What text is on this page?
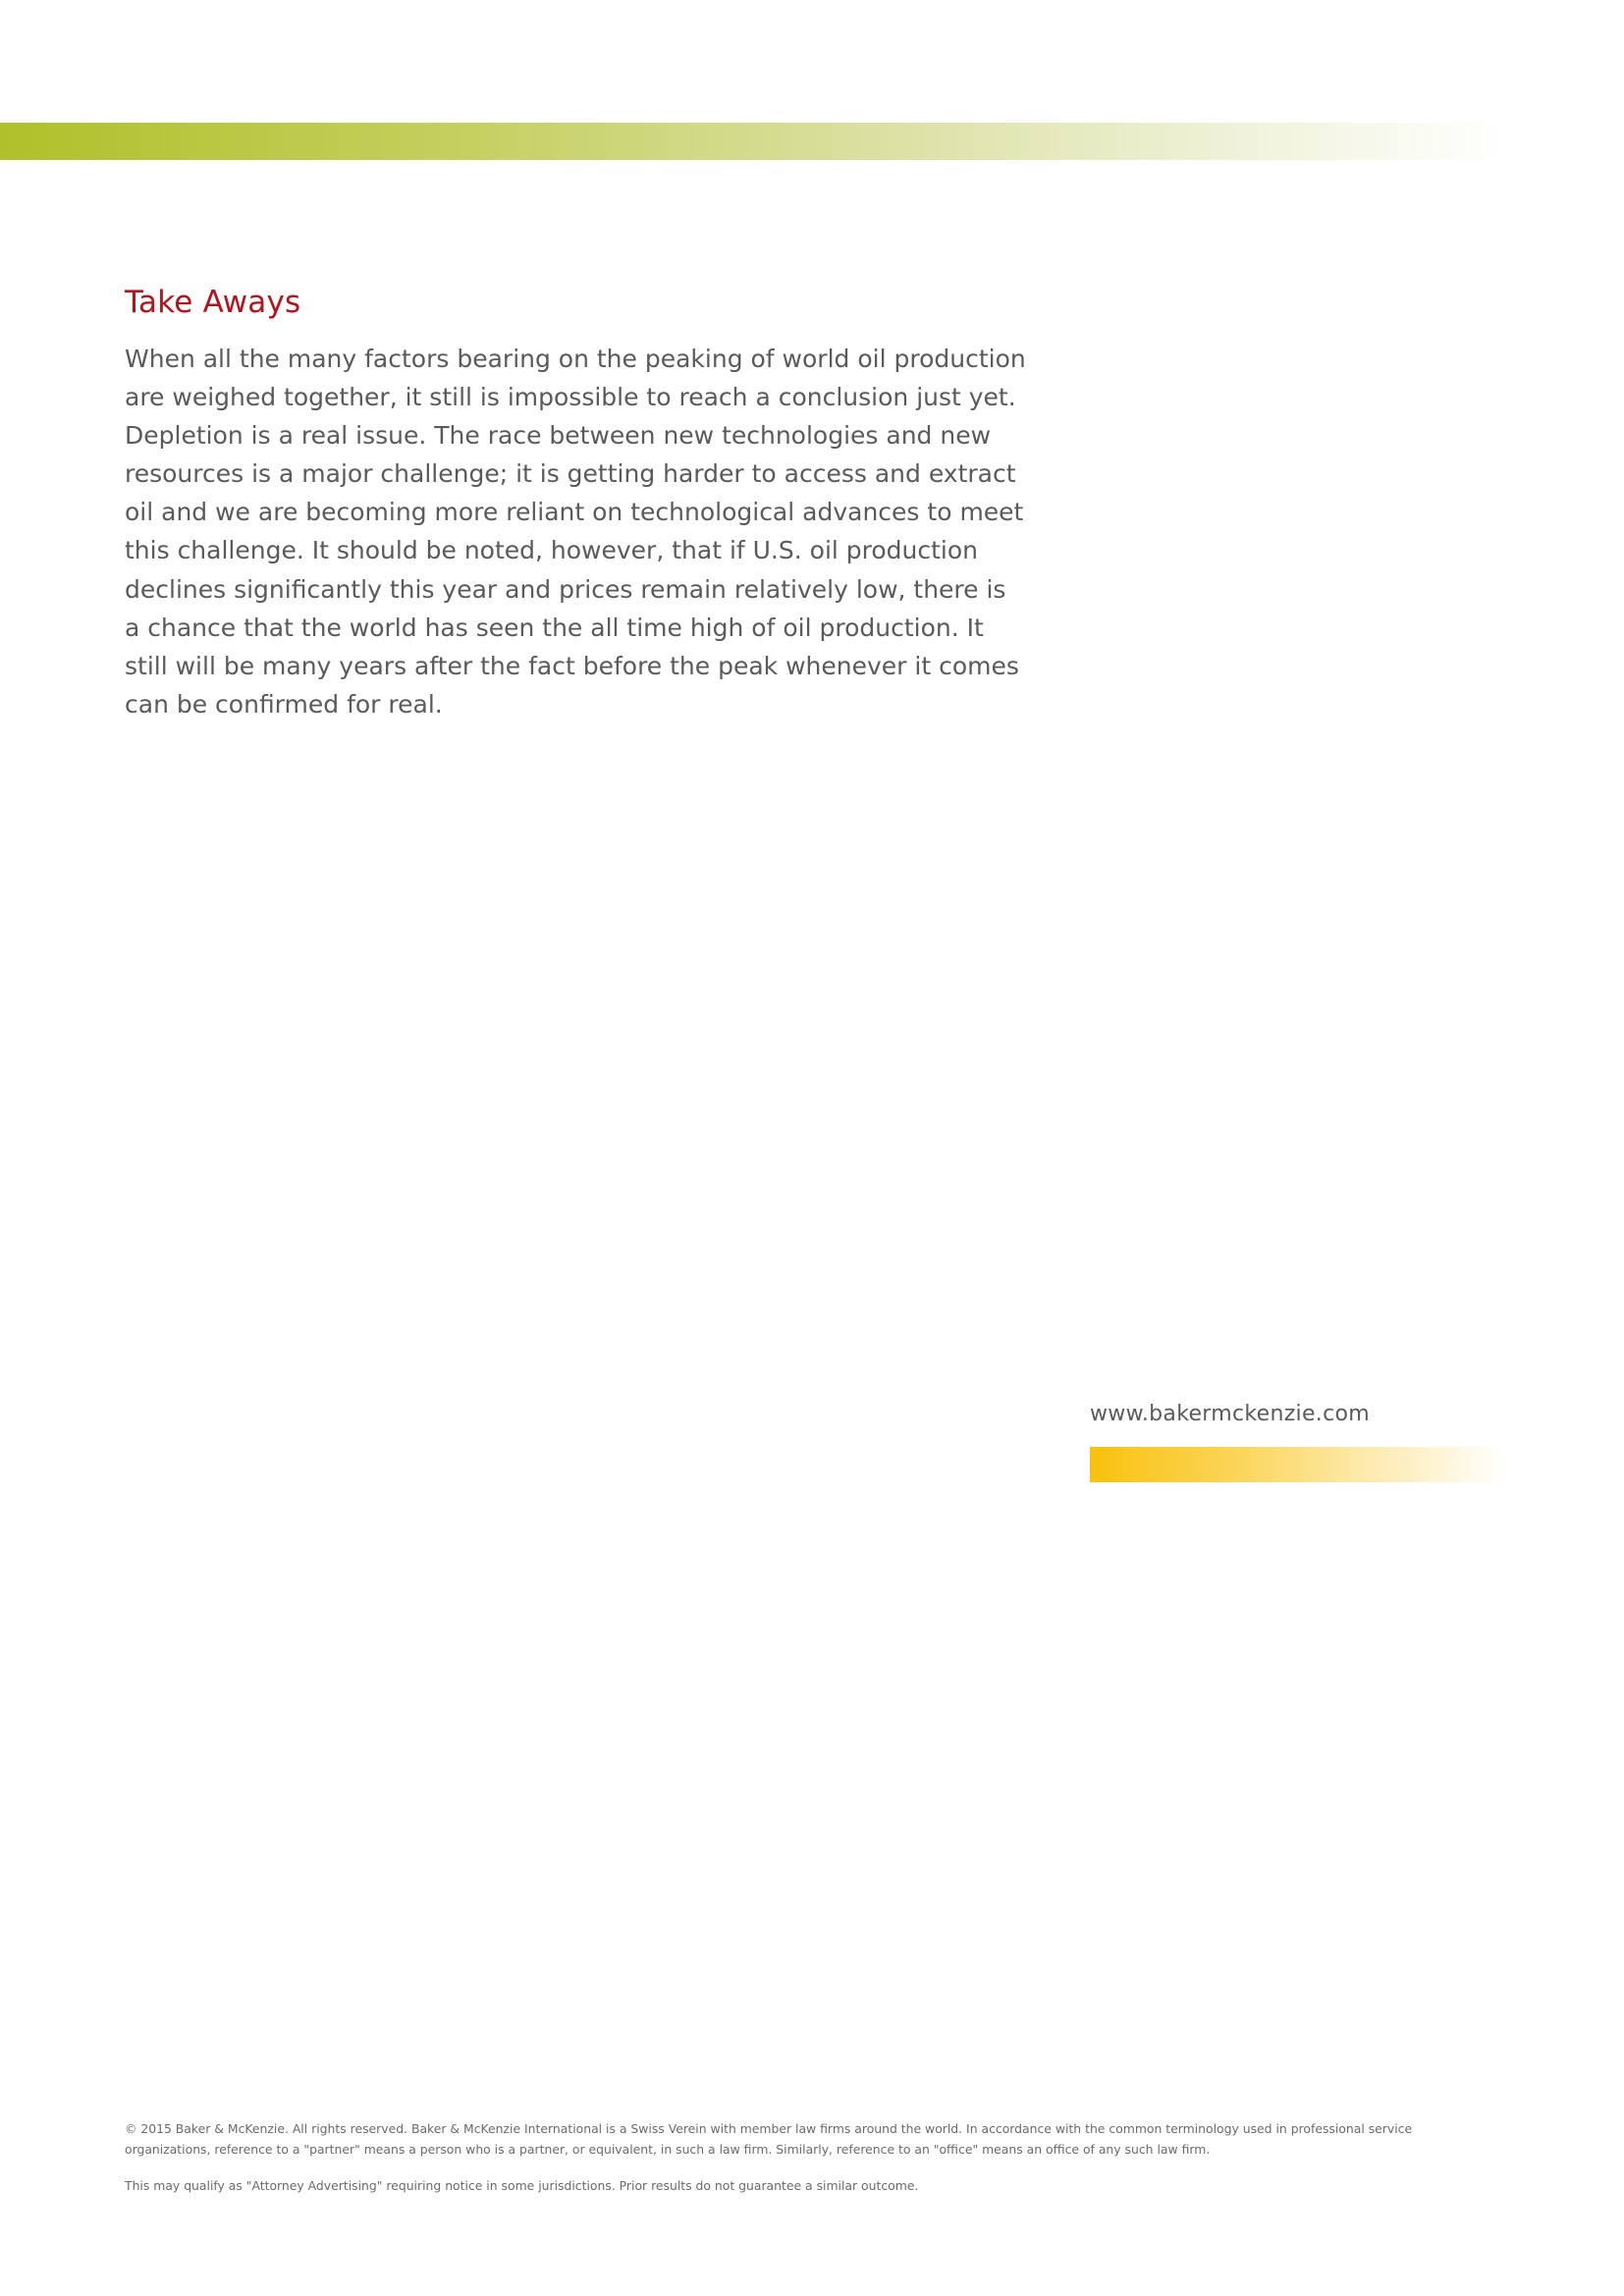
Take Aways

When all the many factors bearing on the peaking of world oil production are weighed together, it still is impossible to reach a conclusion just yet. Depletion is a real issue. The race between new technologies and new resources is a major challenge; it is getting harder to access and extract oil and we are becoming more reliant on technological advances to meet this challenge. It should be noted, however, that if U.S. oil production declines significantly this year and prices remain relatively low, there is a chance that the world has seen the all time high of oil production. It still will be many years after the fact before the peak whenever it comes can be confirmed for real.

www.bakermckenzie.com

© 2015 Baker & McKenzie. All rights reserved. Baker & McKenzie International is a Swiss Verein with member law firms around the world. In accordance with the common terminology used in professional service organizations, reference to a "partner" means a person who is a partner, or equivalent, in such a law firm. Similarly, reference to an "office" means an office of any such law firm.

This may qualify as "Attorney Advertising" requiring notice in some jurisdictions. Prior results do not guarantee a similar outcome.
